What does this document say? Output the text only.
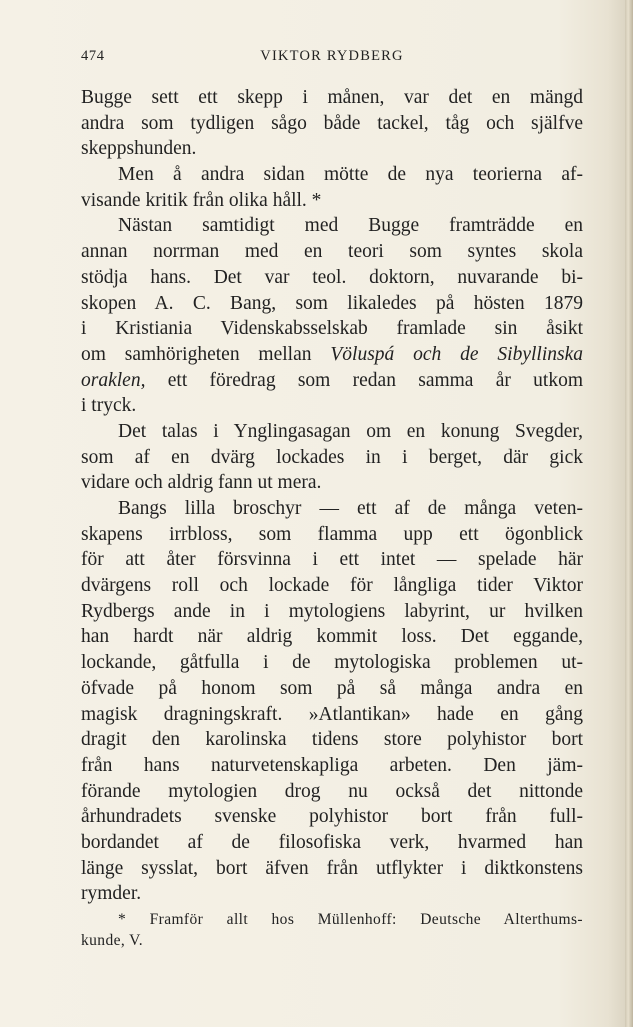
474	VIKTOR RYDBERG
Bugge sett ett skepp i månen, var det en mängd
andra som tydligen sågo både tackel, tåg och själfve
skeppshunden.
Men å andra sidan mötte de nya teorierna af-
visande kritik från olika håll. *
Nästan samtidigt med Bugge framträdde en
annan norrman med en teori som syntes skola
stödja hans. Det var teol. doktorn, nuvarande bi-
skopen A. C. Bang, som likaledes på hösten 1879
i Kristiania Videnskabsselskab framlade sin åsikt
om samhörigheten mellan Völuspá och de Sibyllinska
oraklen, ett föredrag som redan samma år utkom
i tryck.
Det talas i Ynglingasagan om en konung Svegder,
som af en dvärg lockades in i berget, där gick
vidare och aldrig fann ut mera.
Bangs lilla broschyr — ett af de många veten-
skapens irrbloss, som flamma upp ett ögonblick
för att åter försvinna i ett intet — spelade här
dvärgens roll och lockade för långliga tider Viktor
Rydbergs ande in i mytologiens labyrint, ur hvilken
han hardt när aldrig kommit loss. Det eggande,
lockande, gåtfulla i de mytologiska problemen ut-
öfvade på honom som på så många andra en
magisk dragningskraft. »Atlantikan» hade en gång
dragit den karolinska tidens store polyhistor bort
från hans naturvetenskapliga arbeten. Den jäm-
förande mytologien drog nu också det nittonde
århundradets svenske polyhistor bort från full-
bordandet af de filosofiska verk, hvarmed han
länge sysslat, bort äfven från utflykter i diktkonstens
rymder.
* Framför allt hos Müllenhoff: Deutsche Alterthums-
kunde, V.
